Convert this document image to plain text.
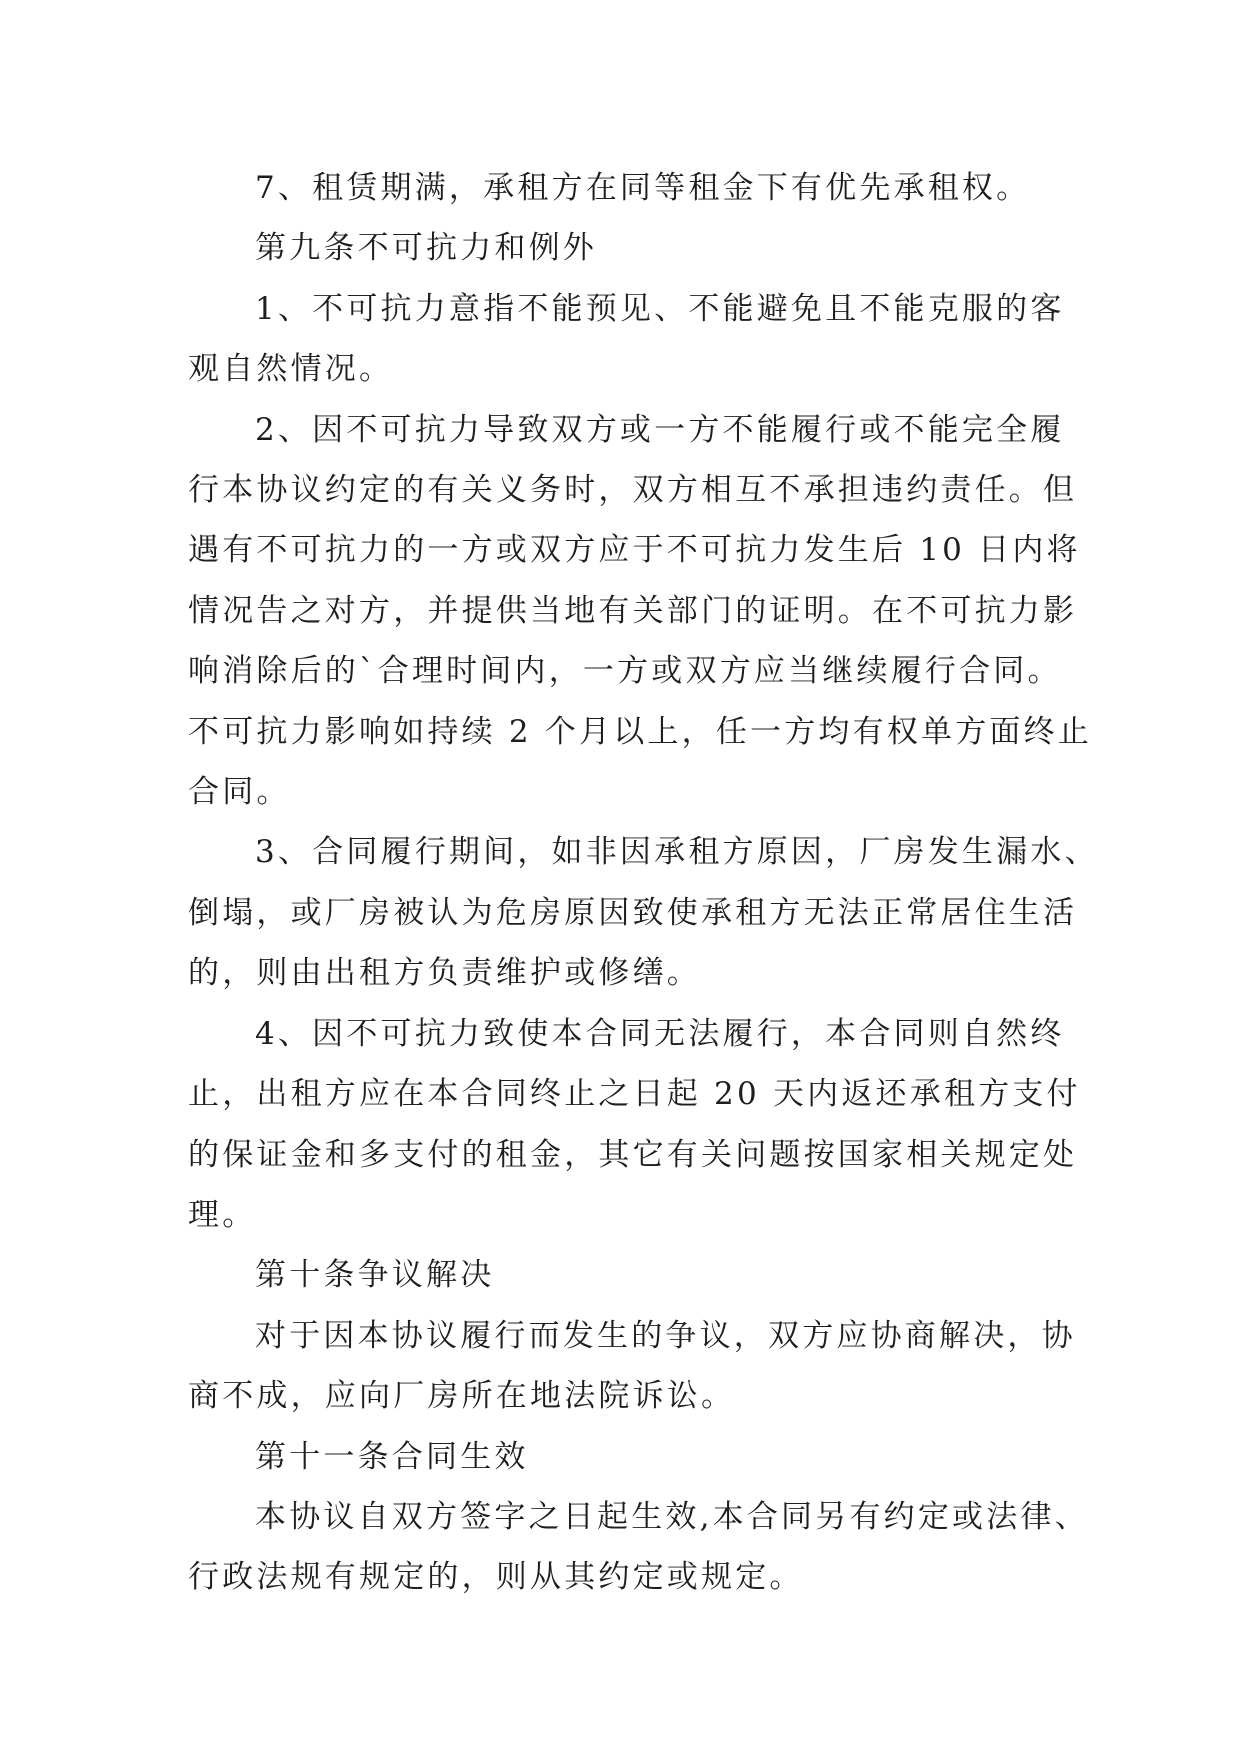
7、租赁期满，承租方在同等租金下有优先承租权。
第九条不可抗力和例外
1、不可抗力意指不能预见、不能避免且不能克服的客
观自然情况。
2、因不可抗力导致双方或一方不能履行或不能完全履
行本协议约定的有关义务时，双方相互不承担违约责任。但
遇有不可抗力的一方或双方应于不可抗力发生后 10 日内将
情况告之对方，并提供当地有关部门的证明。在不可抗力影
响消除后的`合理时间内，一方或双方应当继续履行合同。
不可抗力影响如持续 2 个月以上，任一方均有权单方面终止
合同。
3、合同履行期间，如非因承租方原因，厂房发生漏水、
倒塌，或厂房被认为危房原因致使承租方无法正常居住生活
的，则由出租方负责维护或修缮。
4、因不可抗力致使本合同无法履行，本合同则自然终
止，出租方应在本合同终止之日起 20 天内返还承租方支付
的保证金和多支付的租金，其它有关问题按国家相关规定处
理。
第十条争议解决
对于因本协议履行而发生的争议，双方应协商解决，协
商不成，应向厂房所在地法院诉讼。
第十一条合同生效
本协议自双方签字之日起生效,本合同另有约定或法律、
行政法规有规定的，则从其约定或规定。
